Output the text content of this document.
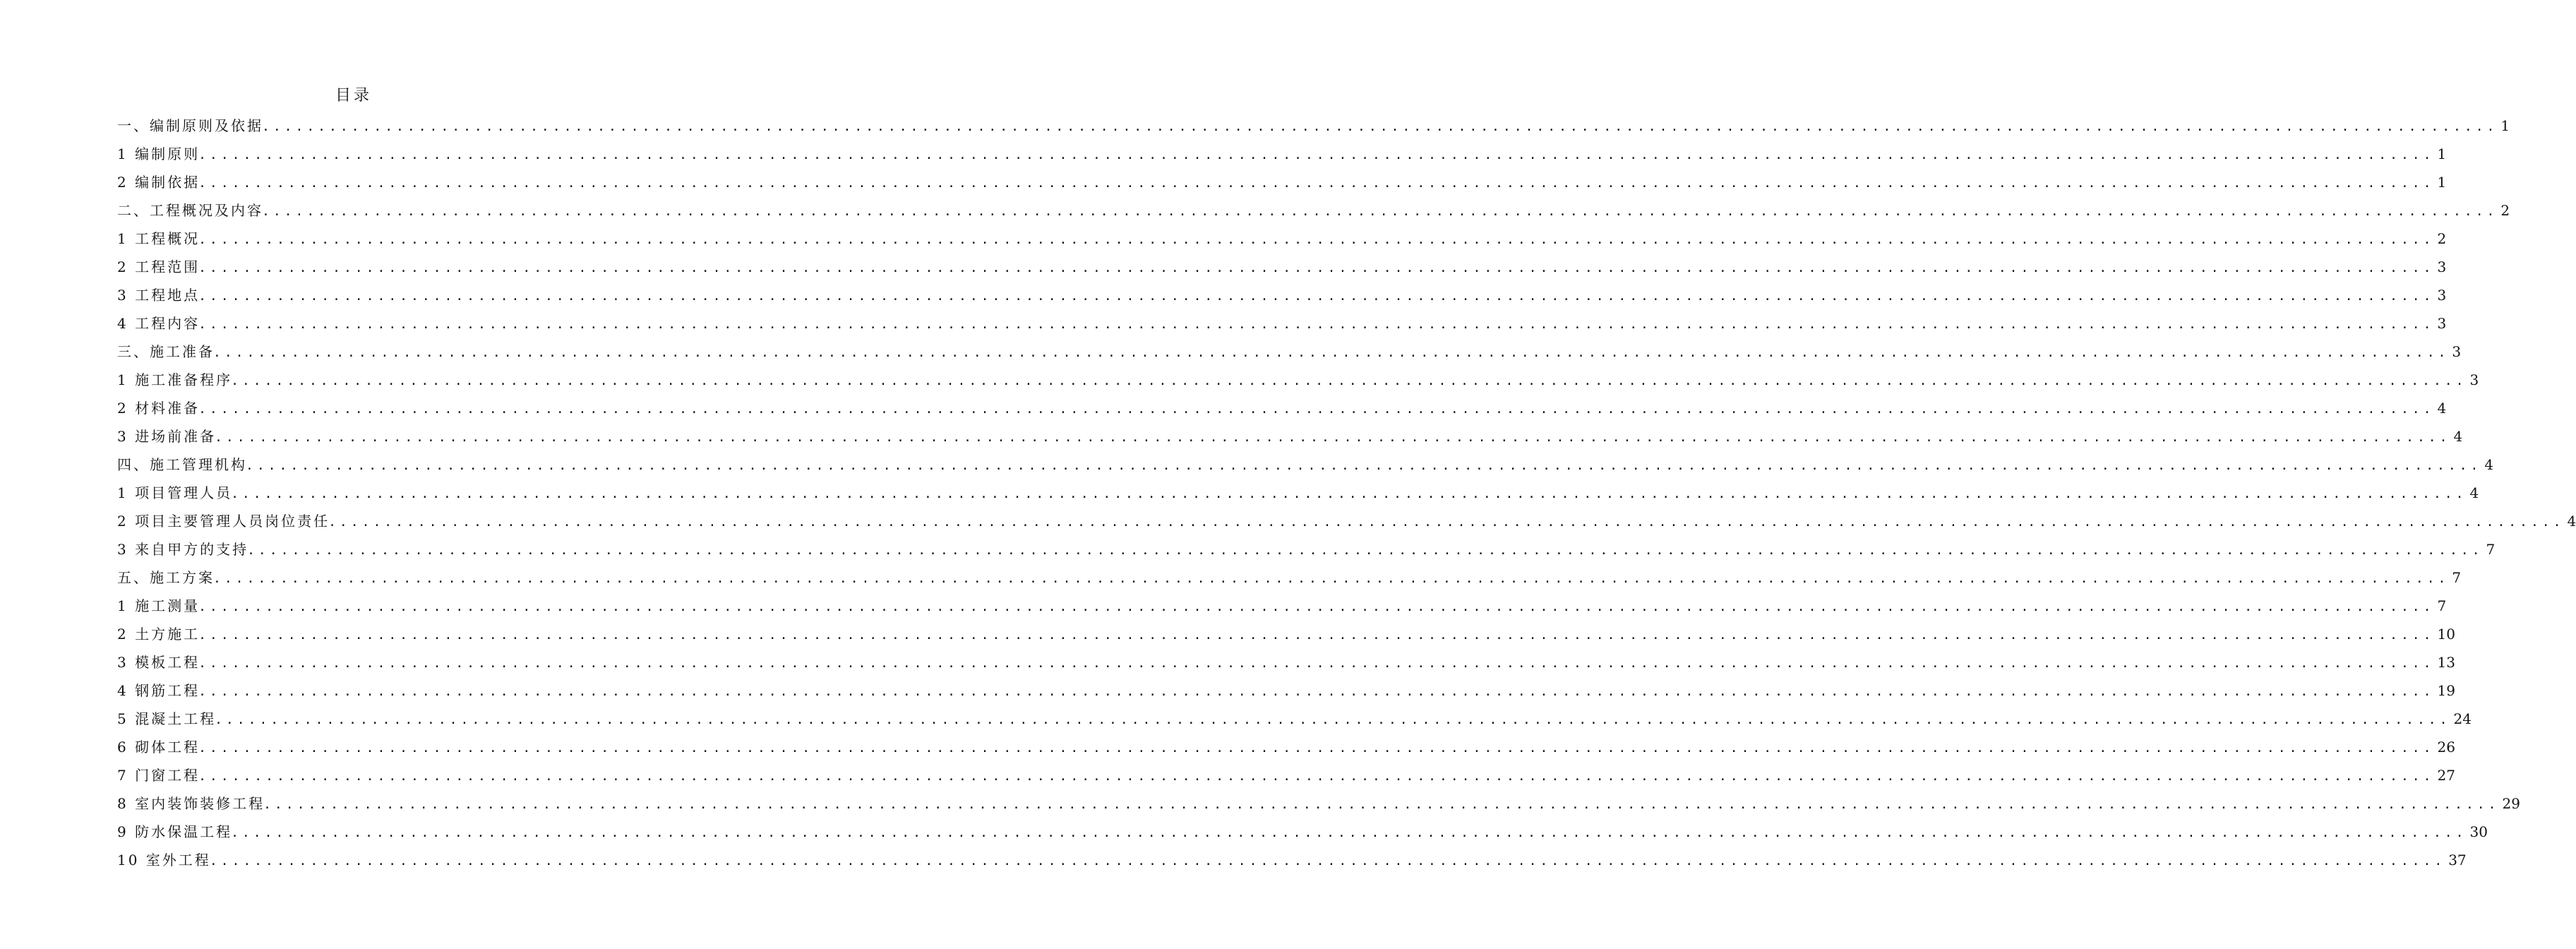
目录
一、编制原则及依据
........................................................................................................................................................................................................ 1
1 编制原则
........................................................................................................................................................................................................ 1
2 编制依据
........................................................................................................................................................................................................ 1
二、工程概况及内容
........................................................................................................................................................................................................ 2
1 工程概况
........................................................................................................................................................................................................ 2
2 工程范围
........................................................................................................................................................................................................ 3
3 工程地点
........................................................................................................................................................................................................ 3
4 工程内容
........................................................................................................................................................................................................ 3
三、施工准备
........................................................................................................................................................................................................ 3
1 施工准备程序
........................................................................................................................................................................................................ 3
2 材料准备
........................................................................................................................................................................................................ 4
3 进场前准备
........................................................................................................................................................................................................ 4
四、施工管理机构
........................................................................................................................................................................................................ 4
1 项目管理人员
........................................................................................................................................................................................................ 4
2 项目主要管理人员岗位责任
........................................................................................................................................................................................................ 4
3 来自甲方的支持
........................................................................................................................................................................................................ 7
五、施工方案
........................................................................................................................................................................................................ 7
1 施工测量
........................................................................................................................................................................................................ 7
2 土方施工
........................................................................................................................................................................................................ 10
3 模板工程
........................................................................................................................................................................................................ 13
4 钢筋工程
........................................................................................................................................................................................................ 19
5 混凝土工程
........................................................................................................................................................................................................ 24
6 砌体工程
........................................................................................................................................................................................................ 26
7 门窗工程
........................................................................................................................................................................................................ 27
8 室内装饰装修工程
........................................................................................................................................................................................................ 29
9 防水保温工程
........................................................................................................................................................................................................ 30
10 室外工程
........................................................................................................................................................................................................ 37
